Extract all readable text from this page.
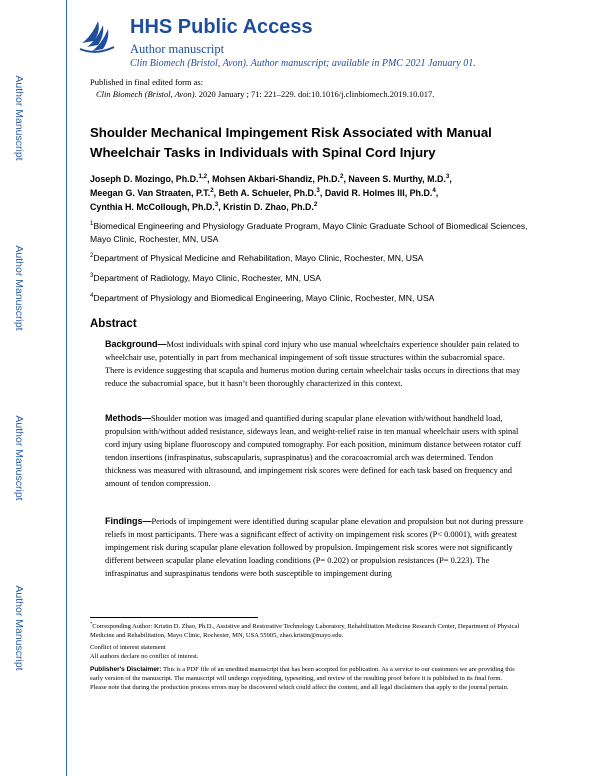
Author Manuscript
Author Manuscript
Author Manuscript
Author Manuscript
HHS Public Access
Author manuscript
Clin Biomech (Bristol, Avon). Author manuscript; available in PMC 2021 January 01.
Published in final edited form as:
Clin Biomech (Bristol, Avon). 2020 January ; 71: 221–229. doi:10.1016/j.clinbiomech.2019.10.017.
Shoulder Mechanical Impingement Risk Associated with Manual
Wheelchair Tasks in Individuals with Spinal Cord Injury
Joseph D. Mozingo, Ph.D.$^{1,2}$, Mohsen Akbari-Shandiz, Ph.D.$^2$, Naveen S. Murthy, M.D.$^3$,
Meegan G. Van Straaten, P.T.$^2$, Beth A. Schueler, Ph.D.$^3$, David R. Holmes III, Ph.D.$^4$,
Cynthia H. McCollough, Ph.D.$^3$, Kristin D. Zhao, Ph.D.$^2$
$^1$Biomedical Engineering and Physiology Graduate Program, Mayo Clinic Graduate School of Biomedical Sciences, Mayo Clinic, Rochester, MN, USA
$^2$Department of Physical Medicine and Rehabilitation, Mayo Clinic, Rochester, MN, USA
$^3$Department of Radiology, Mayo Clinic, Rochester, MN, USA
$^4$Department of Physiology and Biomedical Engineering, Mayo Clinic, Rochester, MN, USA
Abstract
Background—Most individuals with spinal cord injury who use manual wheelchairs experience shoulder pain related to wheelchair use, potentially in part from mechanical impingement of soft tissue structures within the subacromial space. There is evidence suggesting that scapula and humerus motion during certain wheelchair tasks occurs in directions that may reduce the subacromial space, but it hasn’t been thoroughly characterized in this context.
Methods—Shoulder motion was imaged and quantified during scapular plane elevation with/without handheld load, propulsion with/without added resistance, sideways lean, and weight-relief raise in ten manual wheelchair users with spinal cord injury using biplane fluoroscopy and computed tomography. For each position, minimum distance between rotator cuff tendon insertions (infraspinatus, subscapularis, supraspinatus) and the coracoacromial arch was determined. Tendon thickness was measured with ultrasound, and impingement risk scores were defined for each task based on frequency and amount of tendon compression.
Findings—Periods of impingement were identified during scapular plane elevation and propulsion but not during pressure reliefs in most participants. There was a significant effect of activity on impingement risk scores (P< 0.0001), with greatest impingement risk during scapular plane elevation followed by propulsion. Impingement risk scores were not significantly different between scapular plane elevation loading conditions (P= 0.202) or propulsion resistances (P= 0.223). The infraspinatus and supraspinatus tendons were both susceptible to impingement during
*Corresponding Author: Kristin D. Zhao, Ph.D., Assistive and Restorative Technology Laboratory, Rehabilitation Medicine Research Center, Department of Physical Medicine and Rehabilitation, Mayo Clinic, Rochester, MN, USA 55905, zhao.kristin@mayo.edu.
Conflict of interest statement
All authors declare no conflict of interest.
Publisher's Disclaimer: This is a PDF file of an unedited manuscript that has been accepted for publication. As a service to our customers we are providing this early version of the manuscript. The manuscript will undergo copyediting, typesetting, and review of the resulting proof before it is published in its final form. Please note that during the production process errors may be discovered which could affect the content, and all legal disclaimers that apply to the journal pertain.
